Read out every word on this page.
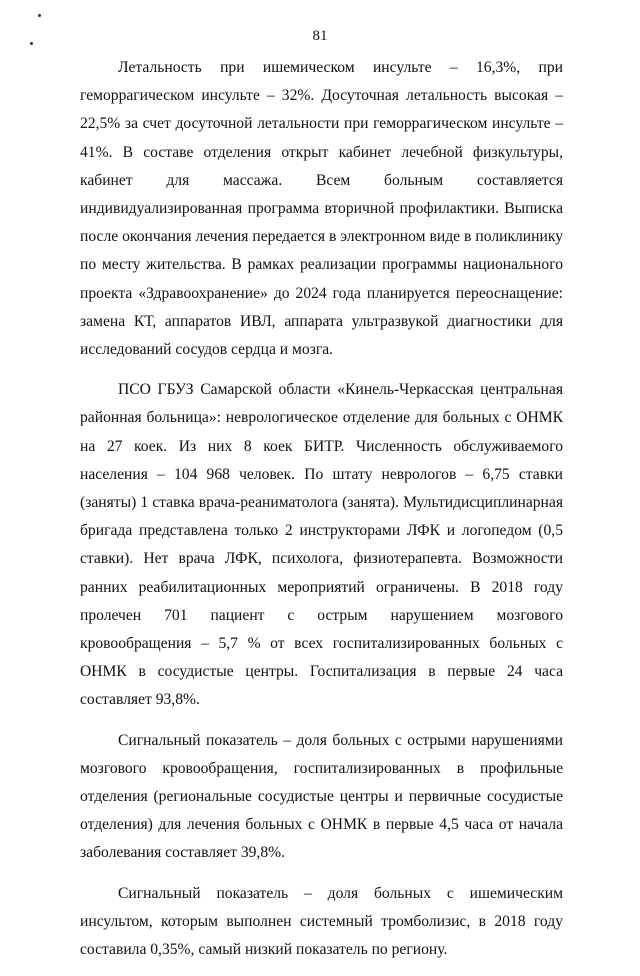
81

Летальность при ишемическом инсульте – 16,3%, при геморрагическом инсульте – 32%. Досуточная летальность высокая – 22,5% за счет досуточной летальности при геморрагическом инсульте – 41%. В составе отделения открыт кабинет лечебной физкультуры, кабинет для массажа. Всем больным составляется индивидуализированная программа вторичной профилактики. Выписка после окончания лечения передается в электронном виде в поликлинику по месту жительства. В рамках реализации программы национального проекта «Здравоохранение» до 2024 года планируется переоснащение: замена КТ, аппаратов ИВЛ, аппарата ультразвукой диагностики для исследований сосудов сердца и мозга.

ПСО ГБУЗ Самарской области «Кинель-Черкасская центральная районная больница»: неврологическое отделение для больных с ОНМК на 27 коек. Из них 8 коек БИТР. Численность обслуживаемого населения – 104 968 человек. По штату неврологов – 6,75 ставки (заняты) 1 ставка врача-реаниматолога (занята). Мультидисциплинарная бригада представлена только 2 инструкторами ЛФК и логопедом (0,5 ставки). Нет врача ЛФК, психолога, физиотерапевта. Возможности ранних реабилитационных мероприятий ограничены. В 2018 году пролечен 701 пациент с острым нарушением мозгового кровообращения – 5,7 % от всех госпитализированных больных с ОНМК в сосудистые центры. Госпитализация в первые 24 часа составляет 93,8%.

Сигнальный показатель – доля больных с острыми нарушениями мозгового кровообращения, госпитализированных в профильные отделения (региональные сосудистые центры и первичные сосудистые отделения) для лечения больных с ОНМК в первые 4,5 часа от начала заболевания составляет 39,8%.

Сигнальный показатель – доля больных с ишемическим инсультом, которым выполнен системный тромболизис, в 2018 году составила 0,35%, самый низкий показатель по региону.
